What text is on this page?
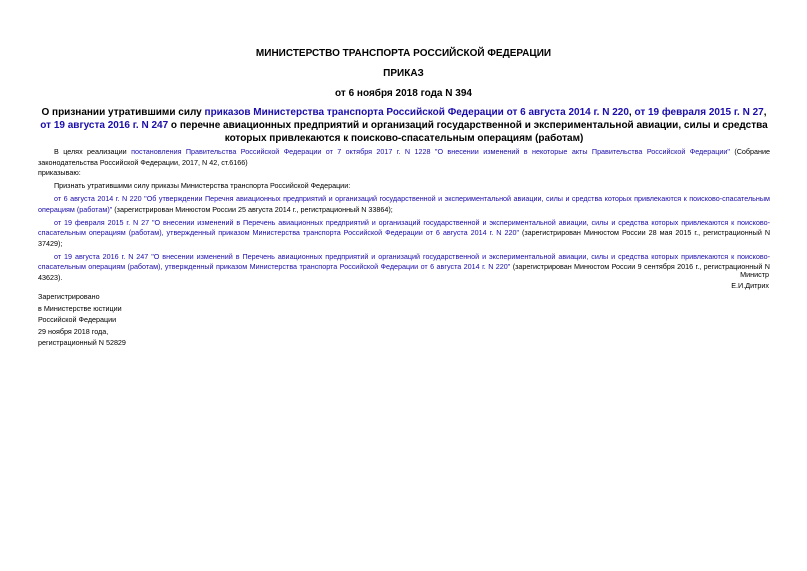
МИНИСТЕРСТВО ТРАНСПОРТА РОССИЙСКОЙ ФЕДЕРАЦИИ
ПРИКАЗ
от 6 ноября 2018 года N 394
О признании утратившими силу приказов Министерства транспорта Российской Федерации от 6 августа 2014 г. N 220, от 19 февраля 2015 г. N 27, от 19 августа 2016 г. N 247 о перечне авиационных предприятий и организаций государственной и экспериментальной авиации, силы и средства которых привлекаются к поисково-спасательным операциям (работам)

В целях реализации постановления Правительства Российской Федерации от 7 октября 2017 г. N 1228 "О внесении изменений в некоторые акты Правительства Российской Федерации" (Собрание законодательства Российской Федерации, 2017, N 42, ст.6166)

приказываю:

Признать утратившими силу приказы Министерства транспорта Российской Федерации:

от 6 августа 2014 г. N 220 "Об утверждении Перечня авиационных предприятий и организаций государственной и экспериментальной авиации, силы и средства которых привлекаются к поисково-спасательным операциям (работам)" (зарегистрирован Минюстом России 25 августа 2014 г., регистрационный N 33864);

от 19 февраля 2015 г. N 27 "О внесении изменений в Перечень авиационных предприятий и организаций государственной и экспериментальной авиации, силы и средства которых привлекаются к поисково-спасательным операциям (работам), утвержденный приказом Министерства транспорта Российской Федерации от 6 августа 2014 г. N 220" (зарегистрирован Минюстом России 28 мая 2015 г., регистрационный N 37429);

от 19 августа 2016 г. N 247 "О внесении изменений в Перечень авиационных предприятий и организаций государственной и экспериментальной авиации, силы и средства которых привлекаются к поисково-спасательным операциям (работам), утвержденный приказом Министерства транспорта Российской Федерации от 6 августа 2014 г. N 220" (зарегистрирован Минюстом России 9 сентября 2016 г., регистрационный N 43623).	Министр
Е.И.Дитрих
Зарегистрировано
в Министерстве юстиции
Российской Федерации
29 ноября 2018 года,
регистрационный N 52829
